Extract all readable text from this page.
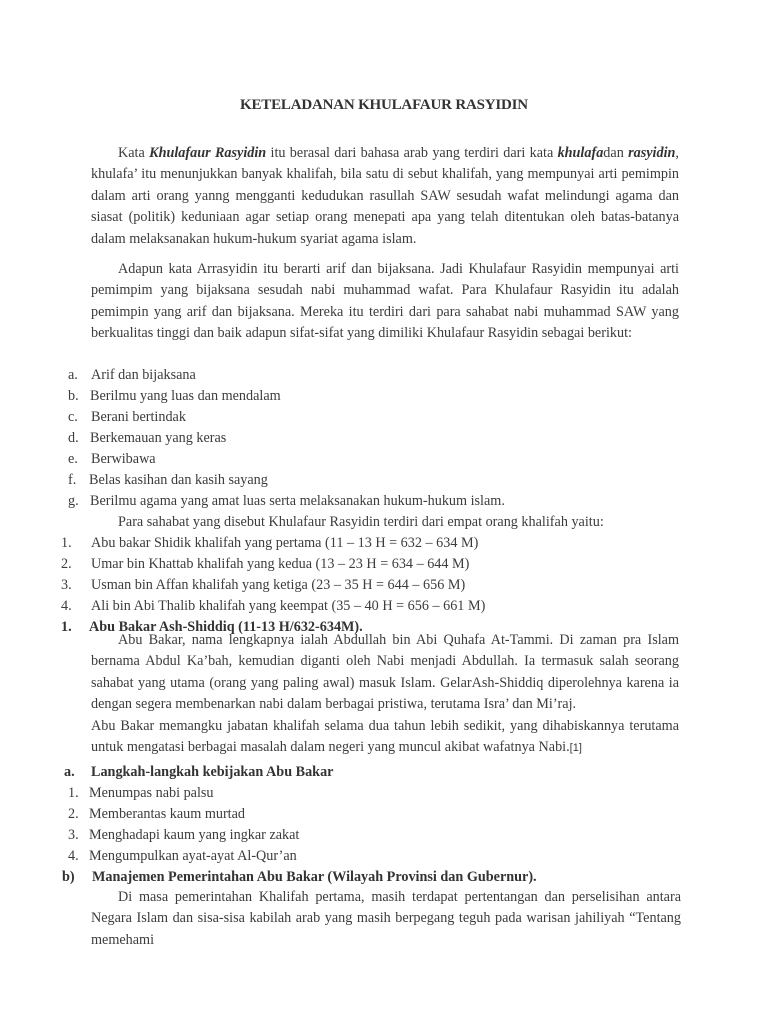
KETELADANAN KHULAFAUR RASYIDIN
Kata Khulafaur Rasyidin itu berasal dari bahasa arab yang terdiri dari kata khulafadan rasyidin, khulafa’ itu menunjukkan banyak khalifah, bila satu di sebut khalifah, yang mempunyai arti pemimpin dalam arti orang yanng mengganti kedudukan rasullah SAW sesudah wafat melindungi agama dan siasat (politik) keduniaan agar setiap orang menepati apa yang telah ditentukan oleh batas-batanya dalam melaksanakan hukum-hukum syariat agama islam.
Adapun kata Arrasyidin itu berarti arif dan bijaksana. Jadi Khulafaur Rasyidin mempunyai arti pemimpim yang bijaksana sesudah nabi muhammad wafat. Para Khulafaur Rasyidin itu adalah pemimpin yang arif dan bijaksana. Mereka itu terdiri dari para sahabat nabi muhammad SAW yang berkualitas tinggi dan baik adapun sifat-sifat yang dimiliki Khulafaur Rasyidin sebagai berikut:
a. Arif dan bijaksana
b. Berilmu yang luas dan mendalam
c. Berani bertindak
d. Berkemauan yang keras
e. Berwibawa
f. Belas kasihan dan kasih sayang
g. Berilmu agama yang amat luas serta melaksanakan hukum-hukum islam.
Para sahabat yang disebut Khulafaur Rasyidin terdiri dari empat orang khalifah yaitu:
1. Abu bakar Shidik khalifah yang pertama (11 – 13 H = 632 – 634 M)
2. Umar bin Khattab khalifah yang kedua (13 – 23 H = 634 – 644 M)
3. Usman bin Affan khalifah yang ketiga (23 – 35 H = 644 – 656 M)
4. Ali bin Abi Thalib khalifah yang keempat (35 – 40 H = 656 – 661 M)
1. Abu Bakar Ash-Shiddiq (11-13 H/632-634M).
Abu Bakar, nama lengkapnya ialah Abdullah bin Abi Quhafa At-Tammi. Di zaman pra Islam bernama Abdul Ka’bah, kemudian diganti oleh Nabi menjadi Abdullah. Ia termasuk salah seorang sahabat yang utama (orang yang paling awal) masuk Islam. GelarAsh-Shiddiq diperolehnya karena ia dengan segera membenarkan nabi dalam berbagai pristiwa, terutama Isra’ dan Mi’raj.
Abu Bakar memangku jabatan khalifah selama dua tahun lebih sedikit, yang dihabiskannya terutama untuk mengatasi berbagai masalah dalam negeri yang muncul akibat wafatnya Nabi.[1]
a. Langkah-langkah kebijakan Abu Bakar
1. Menumpas nabi palsu
2. Memberantas kaum murtad
3. Menghadapi kaum yang ingkar zakat
4. Mengumpulkan ayat-ayat Al-Qur’an
b) Manajemen Pemerintahan Abu Bakar (Wilayah Provinsi dan Gubernur).
Di masa pemerintahan Khalifah pertama, masih terdapat pertentangan dan perselisihan antara Negara Islam dan sisa-sisa kabilah arab yang masih berpegang teguh pada warisan jahiliyah “Tentang memehami
